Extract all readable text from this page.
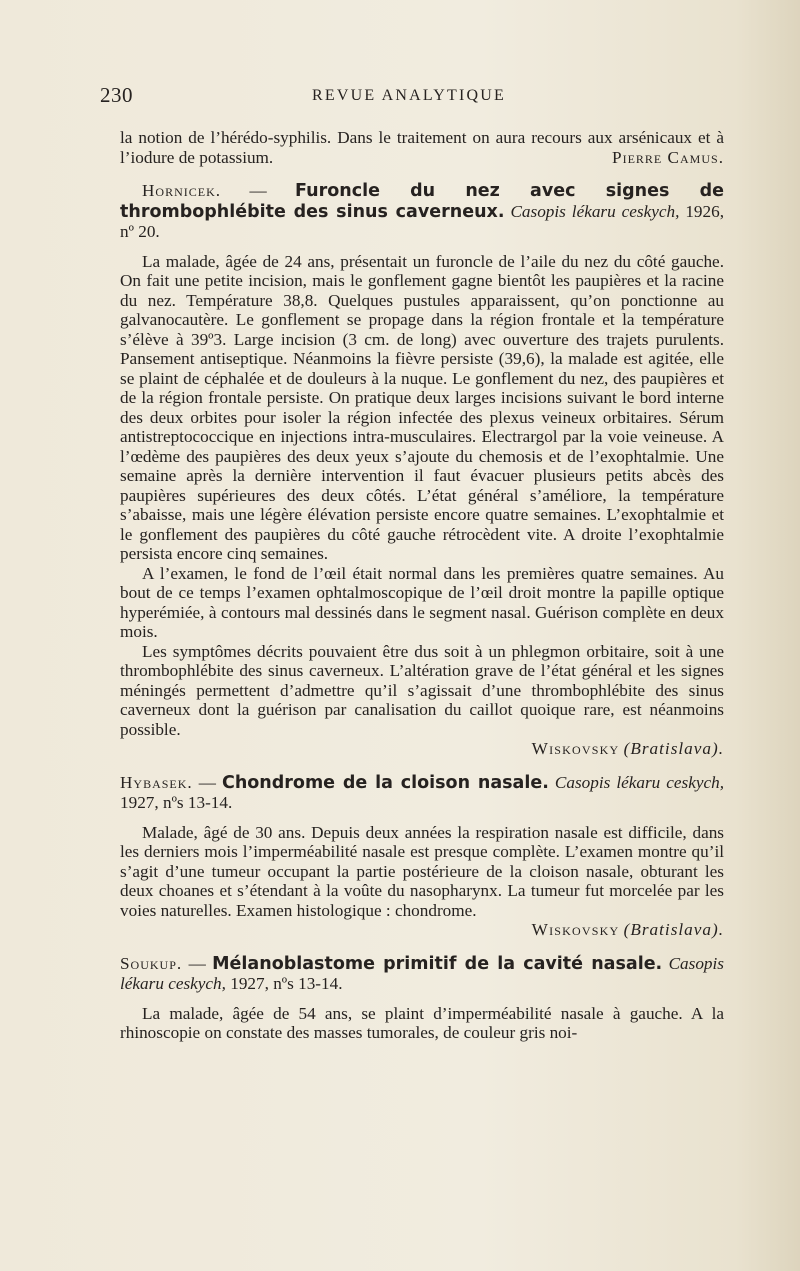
230	REVUE ANALYTIQUE

la notion de l’hérédo-syphilis. Dans le traitement on aura recours aux arsénicaux et à l’iodure de potassium.	Pierre Camus.

Hornicek. — Furoncle du nez avec signes de thrombophlébite des sinus caverneux. Casopis lékaru ceskych, 1926, nº 20.

La malade, âgée de 24 ans, présentait un furoncle de l’aile du nez du côté gauche. On fait une petite incision, mais le gonflement gagne bientôt les paupières et la racine du nez. Température 38,8. Quelques pustules apparaissent, qu’on ponctionne au galvanocautère. Le gonflement se propage dans la région frontale et la température s’élève à 39º3. Large incision (3 cm. de long) avec ouverture des trajets purulents. Pansement antiseptique. Néanmoins la fièvre persiste (39,6), la malade est agitée, elle se plaint de céphalée et de douleurs à la nuque. Le gonflement du nez, des paupières et de la région frontale persiste. On pratique deux larges incisions suivant le bord interne des deux orbites pour isoler la région infectée des plexus veineux orbitaires. Sérum antistreptococcique en injections intra-musculaires. Electrargol par la voie veineuse. A l’œdème des paupières des deux yeux s’ajoute du chemosis et de l’exophtalmie. Une semaine après la dernière intervention il faut évacuer plusieurs petits abcès des paupières supérieures des deux côtés. L’état général s’améliore, la température s’abaisse, mais une légère élévation persiste encore quatre semaines. L’exophtalmie et le gonflement des paupières du côté gauche rétrocèdent vite. A droite l’exophtalmie persista encore cinq semaines.

A l’examen, le fond de l’œil était normal dans les premières quatre semaines. Au bout de ce temps l’examen ophtalmoscopique de l’œil droit montre la papille optique hyperémiée, à contours mal dessinés dans le segment nasal. Guérison complète en deux mois.

Les symptômes décrits pouvaient être dus soit à un phlegmon orbitaire, soit à une thrombophlébite des sinus caverneux. L’altération grave de l’état général et les signes méningés permettent d’admettre qu’il s’agissait d’une thrombophlébite des sinus caverneux dont la guérison par canalisation du caillot quoique rare, est néanmoins possible.

Wiskovsky (Bratislava).

Hybasek. — Chondrome de la cloison nasale. Casopis lékaru ceskych, 1927, nºs 13-14.

Malade, âgé de 30 ans. Depuis deux années la respiration nasale est difficile, dans les derniers mois l’imperméabilité nasale est presque complète. L’examen montre qu’il s’agit d’une tumeur occupant la partie postérieure de la cloison nasale, obturant les deux choanes et s’étendant à la voûte du nasopharynx. La tumeur fut morcelée par les voies naturelles. Examen histologique : chondrome.

Wiskovsky (Bratislava).

Soukup. — Mélanoblastome primitif de la cavité nasale. Casopis lékaru ceskych, 1927, nºs 13-14.

La malade, âgée de 54 ans, se plaint d’imperméabilité nasale à gauche. A la rhinoscopie on constate des masses tumorales, de couleur gris noi-
